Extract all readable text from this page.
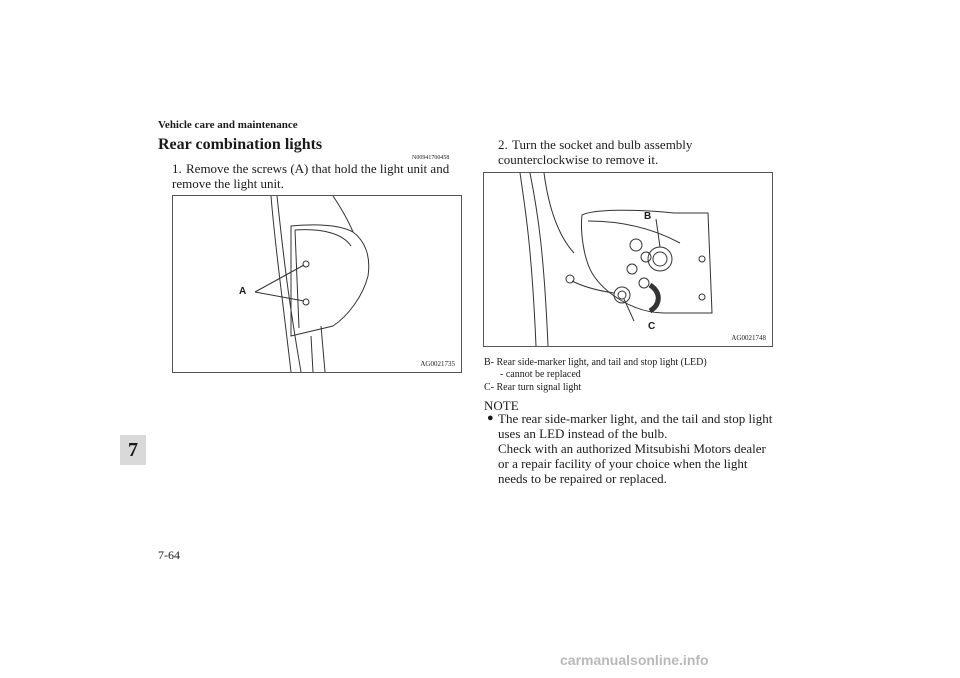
Vehicle care and maintenance
7
Rear combination lights
N00941700458
1. Remove the screws (A) that hold the light unit and remove the light unit.
A
AG0021735
2. Turn the socket and bulb assembly counterclockwise to remove it.
B
C
AG0021748
B- Rear side-marker light, and tail and stop light (LED)
- cannot be replaced
C- Rear turn signal light
NOTE
● The rear side-marker light, and the tail and stop light uses an LED instead of the bulb.
Check with an authorized Mitsubishi Motors dealer or a repair facility of your choice when the light needs to be repaired or replaced.
7-64
carmanualsonline.info
